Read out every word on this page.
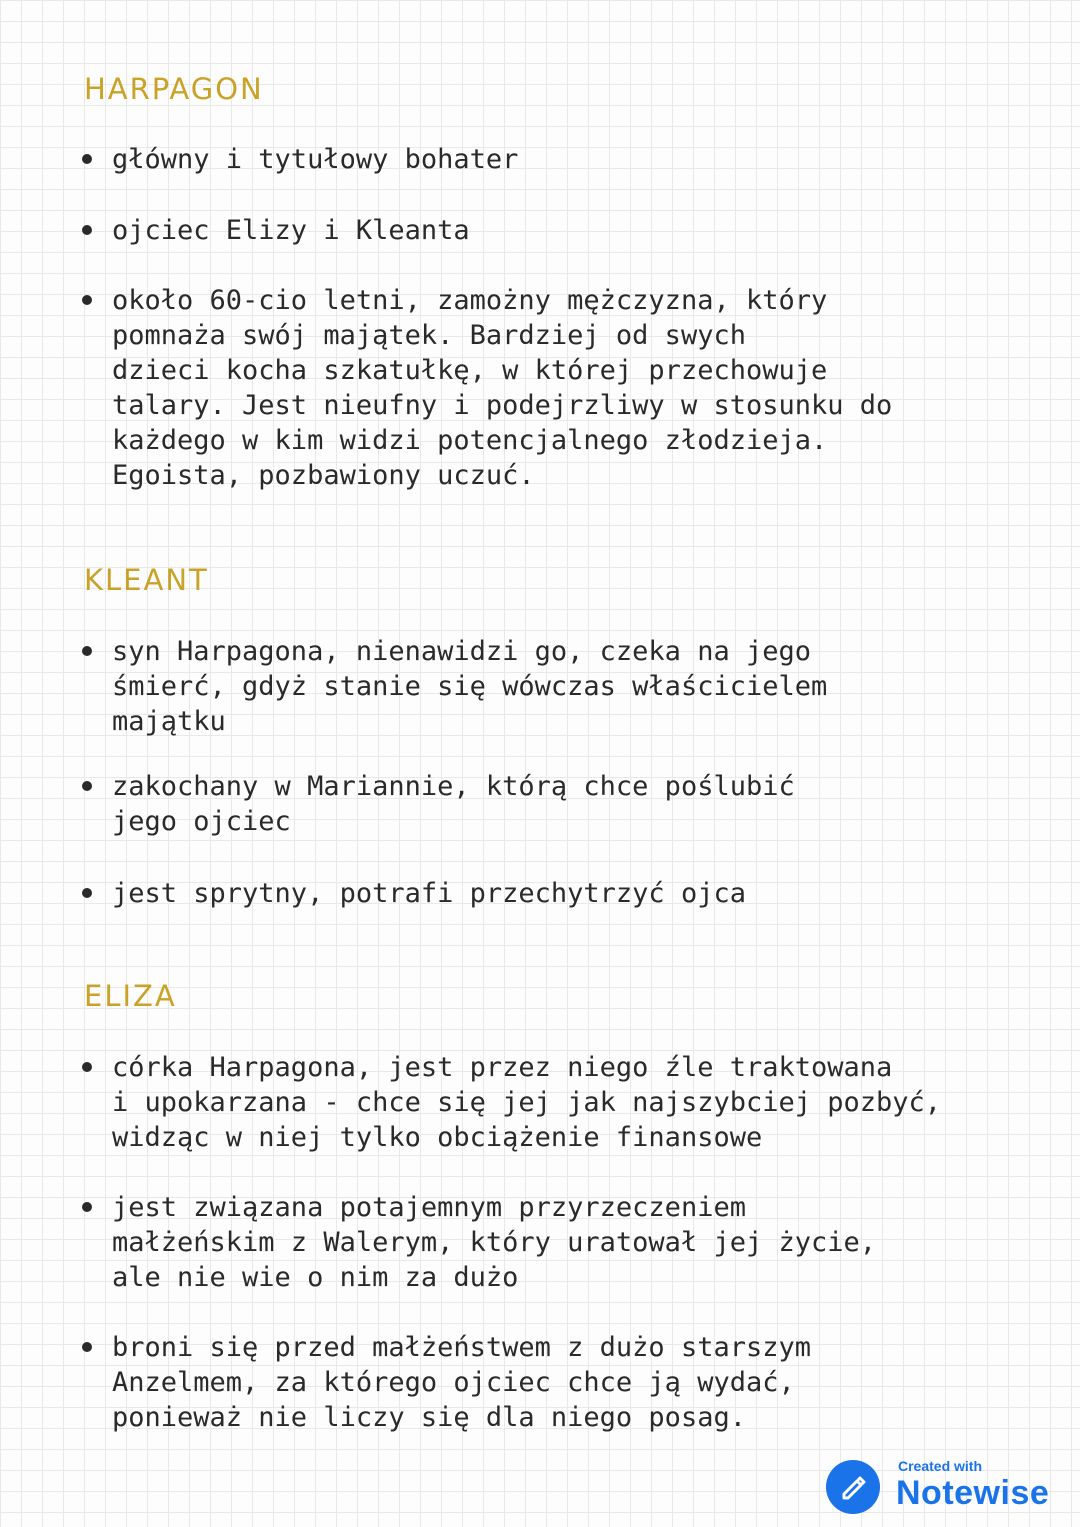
HARPAGON
główny i tytułowy bohater
ojciec Elizy i Kleanta
około 60-cio letni, zamożny mężczyzna, który
pomnaża swój majątek. Bardziej od swych
dzieci kocha szkatułkę, w której przechowuje
talary. Jest nieufny i podejrzliwy w stosunku do
każdego w kim widzi potencjalnego złodzieja.
Egoista, pozbawiony uczuć.
KLEANT
syn Harpagona, nienawidzi go, czeka na jego
śmierć, gdyż stanie się wówczas właścicielem
majątku
zakochany w Mariannie, którą chce poślubić
jego ojciec
jest sprytny, potrafi przechytrzyć ojca
ELIZA
córka Harpagona, jest przez niego źle traktowana
i upokarzana - chce się jej jak najszybciej pozbyć,
widząc w niej tylko obciążenie finansowe
jest związana potajemnym przyrzeczeniem
małżeńskim z Walerym, który uratował jej życie,
ale nie wie o nim za dużo
broni się przed małżeństwem z dużo starszym
Anzelmem, za którego ojciec chce ją wydać,
ponieważ nie liczy się dla niego posag.
Created with
Notewise
